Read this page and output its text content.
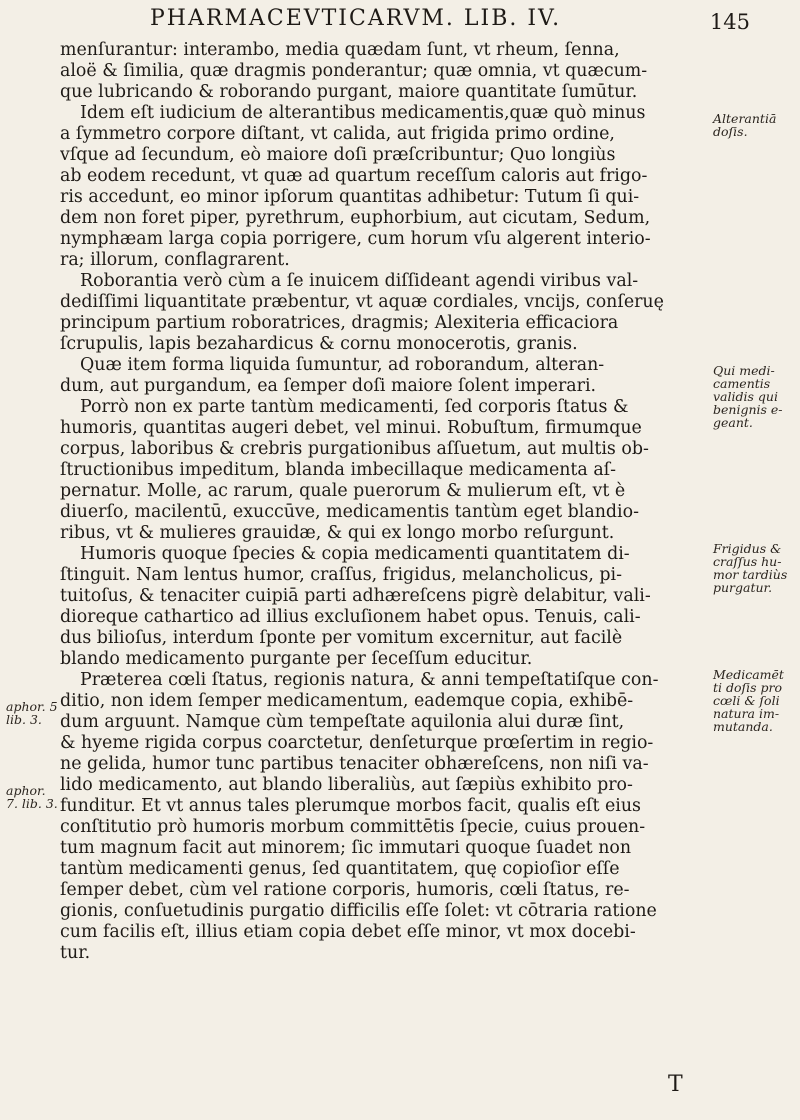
PHARMACEVTICARVM. LIB. IV.	145
menſurantur: interambo, media quædam ſunt, vt rheum, ſenna,
aloë & ſimilia, quæ dragmis ponderantur; quæ omnia, vt quæcum-
que lubricando & roborando purgant, maiore quantitate ſumūtur.
Idem eſt iudicium de alterantibus medicamentis,quæ quò minus
a ſymmetro corpore diſtant, vt calida, aut frigida primo ordine,
vſque ad ſecundum, eò maiore doſi præſcribuntur; Quo longiùs
ab eodem recedunt, vt quæ ad quartum receſſum caloris aut frigo-
ris accedunt, eo minor ipſorum quantitas adhibetur: Tutum ſi qui-
dem non foret piper, pyrethrum, euphorbium, aut cicutam, Sedum,
nymphæam larga copia porrigere, cum horum vſu algerent interio-
ra; illorum, conflagrarent.
Roborantia verò cùm a ſe inuicem diſſideant agendi viribus val-
dediſſimi liquantitate præbentur, vt aquæ cordiales, vncijs, conſeruę
principum partium roboratrices, dragmis; Alexiteria efficaciora
ſcrupulis, lapis bezahardicus & cornu monocerotis, granis.
Quæ item forma liquida ſumuntur, ad roborandum, alteran-
dum, aut purgandum, ea ſemper doſi maiore ſolent imperari.
Porrò non ex parte tantùm medicamenti, ſed corporis ſtatus &
humoris, quantitas augeri debet, vel minui. Robuſtum, firmumque
corpus, laboribus & crebris purgationibus aſſuetum, aut multis ob-
ſtructionibus impeditum, blanda imbecillaque medicamenta aſ-
pernatur. Molle, ac rarum, quale puerorum & mulierum eſt, vt è
diuerſo, macilentū, exuccūve, medicamentis tantùm eget blandio-
ribus, vt & mulieres grauidæ, & qui ex longo morbo reſurgunt.
Humoris quoque ſpecies & copia medicamenti quantitatem di-
ſtinguit. Nam lentus humor, craſſus, frigidus, melancholicus, pi-
tuitoſus, & tenaciter cuipiā parti adhæreſcens pigrè delabitur, vali-
dioreque cathartico ad illius excluſionem habet opus. Tenuis, cali-
dus bilioſus, interdum ſponte per vomitum excernitur, aut facilè
blando medicamento purgante per ſeceſſum educitur.
Præterea cœli ſtatus, regionis natura, & anni tempeſtatiſque con-
ditio, non idem ſemper medicamentum, eademque copia, exhibē-
dum arguunt. Namque cùm tempeſtate aquilonia alui duræ ſint,
& hyeme rigida corpus coarctetur, denſeturque prœſertim in regio-
ne gelida, humor tunc partibus tenaciter obhæreſcens, non niſi va-
lido medicamento, aut blando liberaliùs, aut ſæpiùs exhibito pro-
funditur. Et vt annus tales plerumque morbos facit, qualis eſt eius
conſtitutio prò humoris morbum committētis ſpecie, cuius prouen-
tum magnum facit aut minorem; ſic immutari quoque ſuadet non
tantùm medicamenti genus, ſed quantitatem, quę copioſior eſſe
ſemper debet, cùm vel ratione corporis, humoris, cœli ſtatus, re-
gionis, conſuetudinis purgatio difficilis eſſe ſolet: vt cōtraria ratione
cum facilis eſt, illius etiam copia debet eſſe minor, vt mox docebi-
tur.
Alterantiā
doſis.
Qui medi-
camentis
validis qui
benignis e-
geant.
Frigidus &
craſſus hu-
mor tardiùs
purgatur.
Medicamēt
ti doſis pro
cœli & ſoli
natura im-
mutanda.
aphor. 5
lib. 3.
aphor.
7. lib. 3.
T
